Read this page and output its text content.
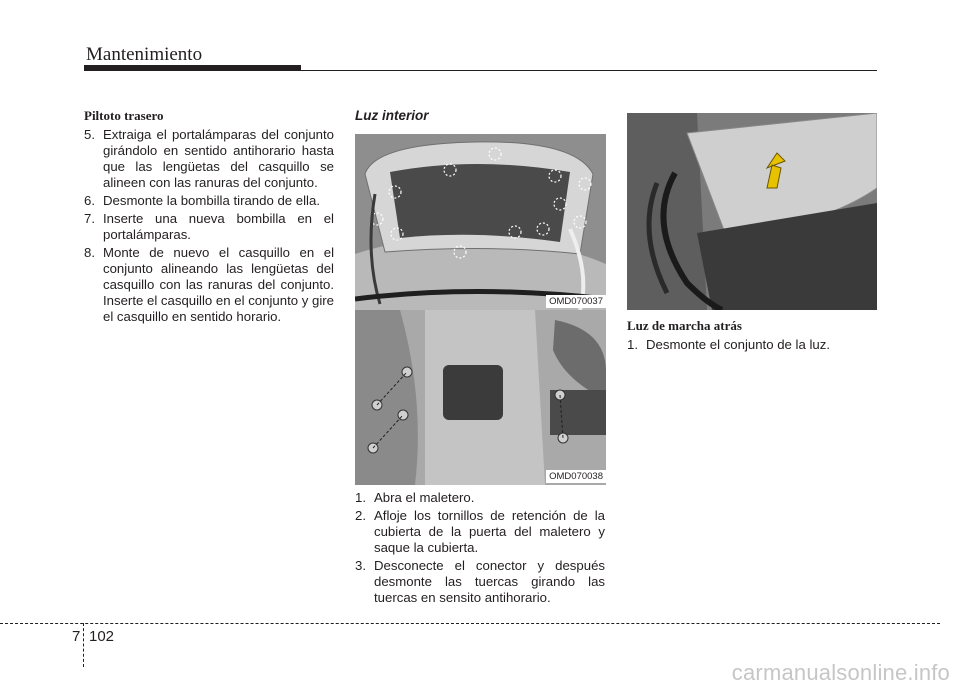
Mantenimiento
Piltoto trasero
5. Extraiga el portalámparas del conjunto girándolo en sentido antihorario hasta que las lengüetas del casquillo se alineen con las ranuras del conjunto.
6. Desmonte la bombilla tirando de ella.
7. Inserte una nueva bombilla en el portalámparas.
8. Monte de nuevo el casquillo en el conjunto alineando las lengüetas del casquillo con las ranuras del conjunto. Inserte el casquillo en el conjunto y gire el casquillo en sentido horario.
Luz interior
OMD070037
OMD070038
1. Abra el maletero.
2. Afloje los tornillos de retención de la cubierta de la puerta del maletero y saque la cubierta.
3. Desconecte el conector y después desmonte las tuercas girando las tuercas en sensito antihorario.
Luz de marcha atrás
1. Desmonte el conjunto de la luz.
7 102
carmanualsonline.info
